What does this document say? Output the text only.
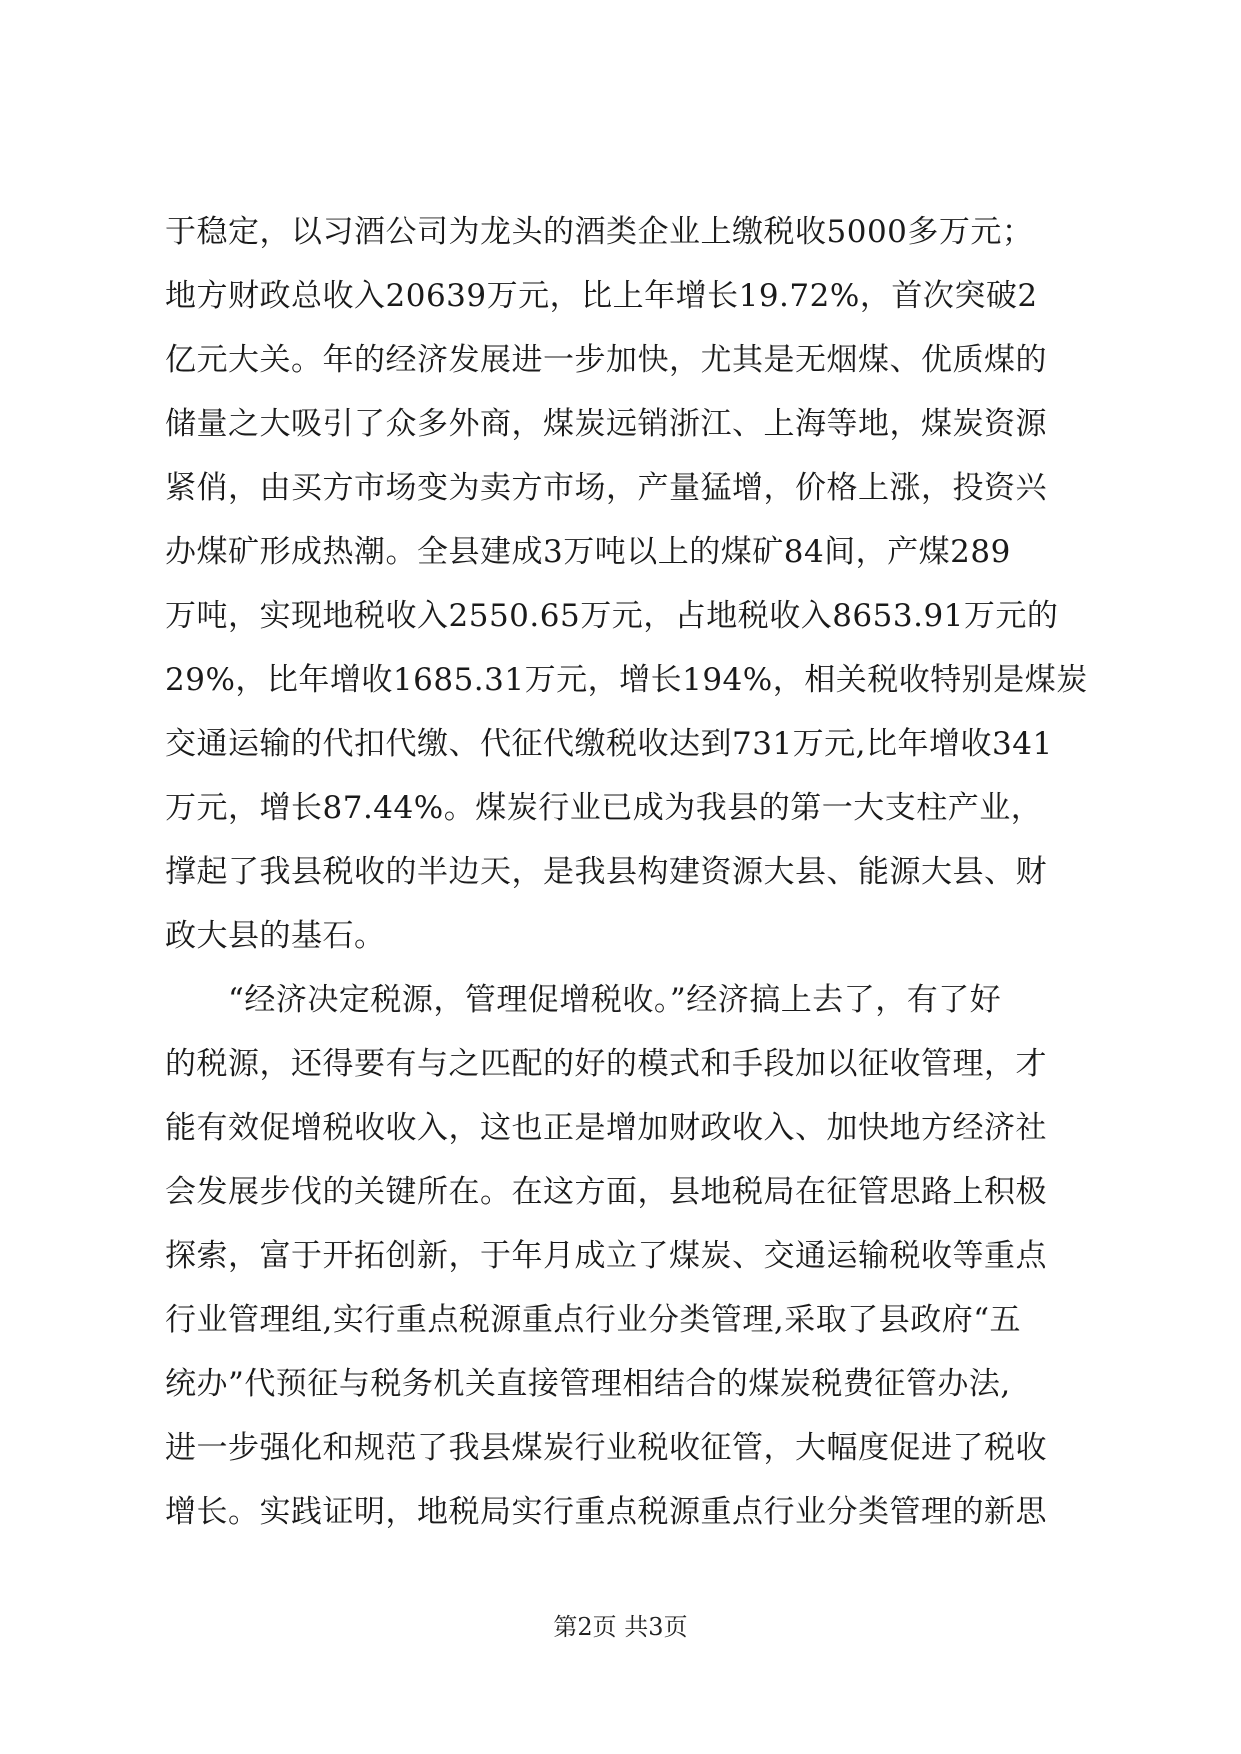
于稳定，以习酒公司为龙头的酒类企业上缴税收5000多万元；
地方财政总收入20639万元，比上年增长19.72%，首次突破2
亿元大关。年的经济发展进一步加快，尤其是无烟煤、优质煤的
储量之大吸引了众多外商，煤炭远销浙江、上海等地，煤炭资源
紧俏，由买方市场变为卖方市场，产量猛增，价格上涨，投资兴
办煤矿形成热潮。全县建成3万吨以上的煤矿84间，产煤289
万吨，实现地税收入2550.65万元，占地税收入8653.91万元的
29%，比年增收1685.31万元，增长194%，相关税收特别是煤炭
交通运输的代扣代缴、代征代缴税收达到731万元,比年增收341
万元，增长87.44%。煤炭行业已成为我县的第一大支柱产业，
撑起了我县税收的半边天，是我县构建资源大县、能源大县、财
政大县的基石。
　　“经济决定税源，管理促增税收。”经济搞上去了，有了好
的税源，还得要有与之匹配的好的模式和手段加以征收管理，才
能有效促增税收收入，这也正是增加财政收入、加快地方经济社
会发展步伐的关键所在。在这方面，县地税局在征管思路上积极
探索，富于开拓创新，于年月成立了煤炭、交通运输税收等重点
行业管理组,实行重点税源重点行业分类管理,采取了县政府“五
统办”代预征与税务机关直接管理相结合的煤炭税费征管办法,
进一步强化和规范了我县煤炭行业税收征管，大幅度促进了税收
增长。实践证明，地税局实行重点税源重点行业分类管理的新思
第2页 共3页
